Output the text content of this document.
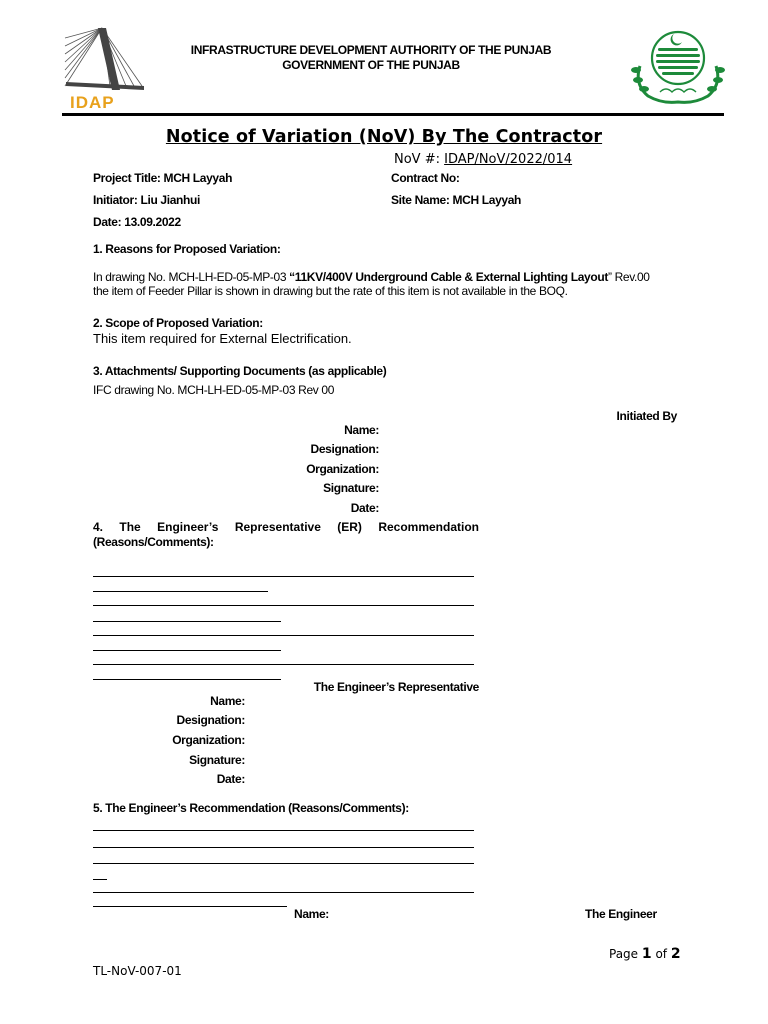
IDAP
INFRASTRUCTURE DEVELOPMENT AUTHORITY OF THE PUNJAB
GOVERNMENT OF THE PUNJAB
Notice of Variation (NoV) By The Contractor
NoV #: IDAP/NoV/2022/014
Project Title: MCH Layyah	Contract No:
Initiator: Liu Jianhui	Site Name: MCH Layyah
Date: 13.09.2022
1. Reasons for Proposed Variation:
In drawing No. MCH-LH-ED-05-MP-03 “11KV/400V Underground Cable & External Lighting Layout” Rev.00
the item of Feeder Pillar is shown in drawing but the rate of this item is not available in the BOQ.
2. Scope of Proposed Variation:
This item required for External Electrification.
3. Attachments/ Supporting Documents (as applicable)
IFC drawing No. MCH-LH-ED-05-MP-03 Rev 00
Initiated By
Name:
Designation:
Organization:
Signature:
Date:
4. The Engineer’s Representative (ER) Recommendation
(Reasons/Comments):
The Engineer’s Representative
Name:
Designation:
Organization:
Signature:
Date:
5. The Engineer’s Recommendation (Reasons/Comments):
Name:	The Engineer
Page 1 of 2
TL-NoV-007-01
